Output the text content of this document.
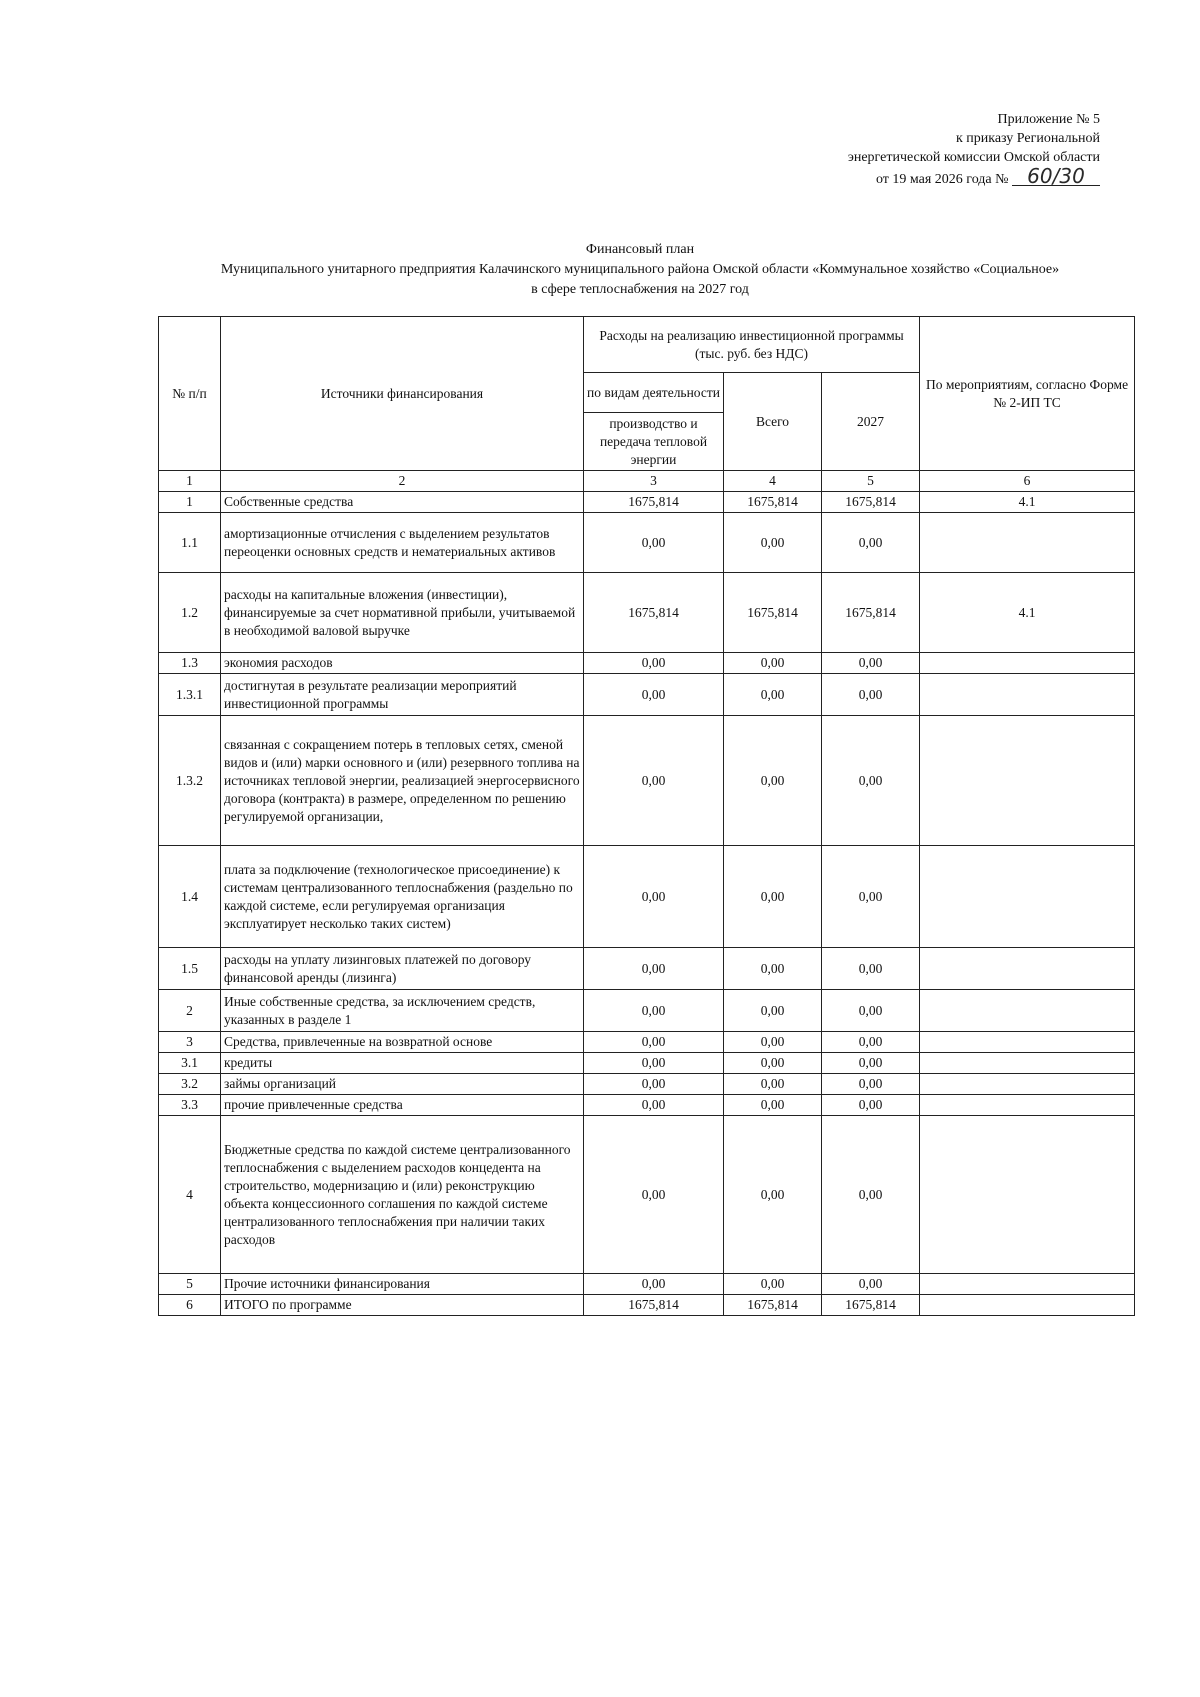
Приложение № 5
к приказу Региональной
энергетической комиссии Омской области
от 19 мая 2026 года № 60/30
Финансовый план
Муниципального унитарного предприятия Калачинского муниципального района Омской области «Коммунальное хозяйство «Социальное»
в сфере теплоснабжения на 2027 год
№ п/п	Источники финансирования	Расходы на реализацию инвестиционной программы (тыс. руб. без НДС)			По мероприятиям, согласно Форме № 2-ИП ТС
		по видам деятельности	Всего	2027	
		производство и передача тепловой энергии			
1	2	3	4	5	6
1	Собственные средства	1675,814	1675,814	1675,814	4.1
1.1	амортизационные отчисления с выделением результатов переоценки основных средств и нематериальных активов	0,00	0,00	0,00	
1.2	расходы на капитальные вложения (инвестиции), финансируемые за счет нормативной прибыли, учитываемой в необходимой валовой выручке	1675,814	1675,814	1675,814	4.1
1.3	экономия расходов	0,00	0,00	0,00	
1.3.1	достигнутая в результате реализации мероприятий инвестиционной программы	0,00	0,00	0,00	
1.3.2	связанная с сокращением потерь в тепловых сетях, сменой видов и (или) марки основного и (или) резервного топлива на источниках тепловой энергии, реализацией энергосервисного договора (контракта) в размере, определенном по решению регулируемой организации,	0,00	0,00	0,00	
1.4	плата за подключение (технологическое присоединение) к системам централизованного теплоснабжения (раздельно по каждой системе, если регулируемая организация эксплуатирует несколько таких систем)	0,00	0,00	0,00	
1.5	расходы на уплату лизинговых платежей по договору финансовой аренды (лизинга)	0,00	0,00	0,00	
2	Иные собственные средства, за исключением средств, указанных в разделе 1	0,00	0,00	0,00	
3	Средства, привлеченные на возвратной основе	0,00	0,00	0,00	
3.1	кредиты	0,00	0,00	0,00	
3.2	займы организаций	0,00	0,00	0,00	
3.3	прочие привлеченные средства	0,00	0,00	0,00	
4	Бюджетные средства по каждой системе централизованного теплоснабжения с выделением расходов концедента на строительство, модернизацию и (или) реконструкцию объекта концессионного соглашения по каждой системе централизованного теплоснабжения при наличии таких расходов	0,00	0,00	0,00	
5	Прочие источники финансирования	0,00	0,00	0,00	
6	ИТОГО по программе	1675,814	1675,814	1675,814	
